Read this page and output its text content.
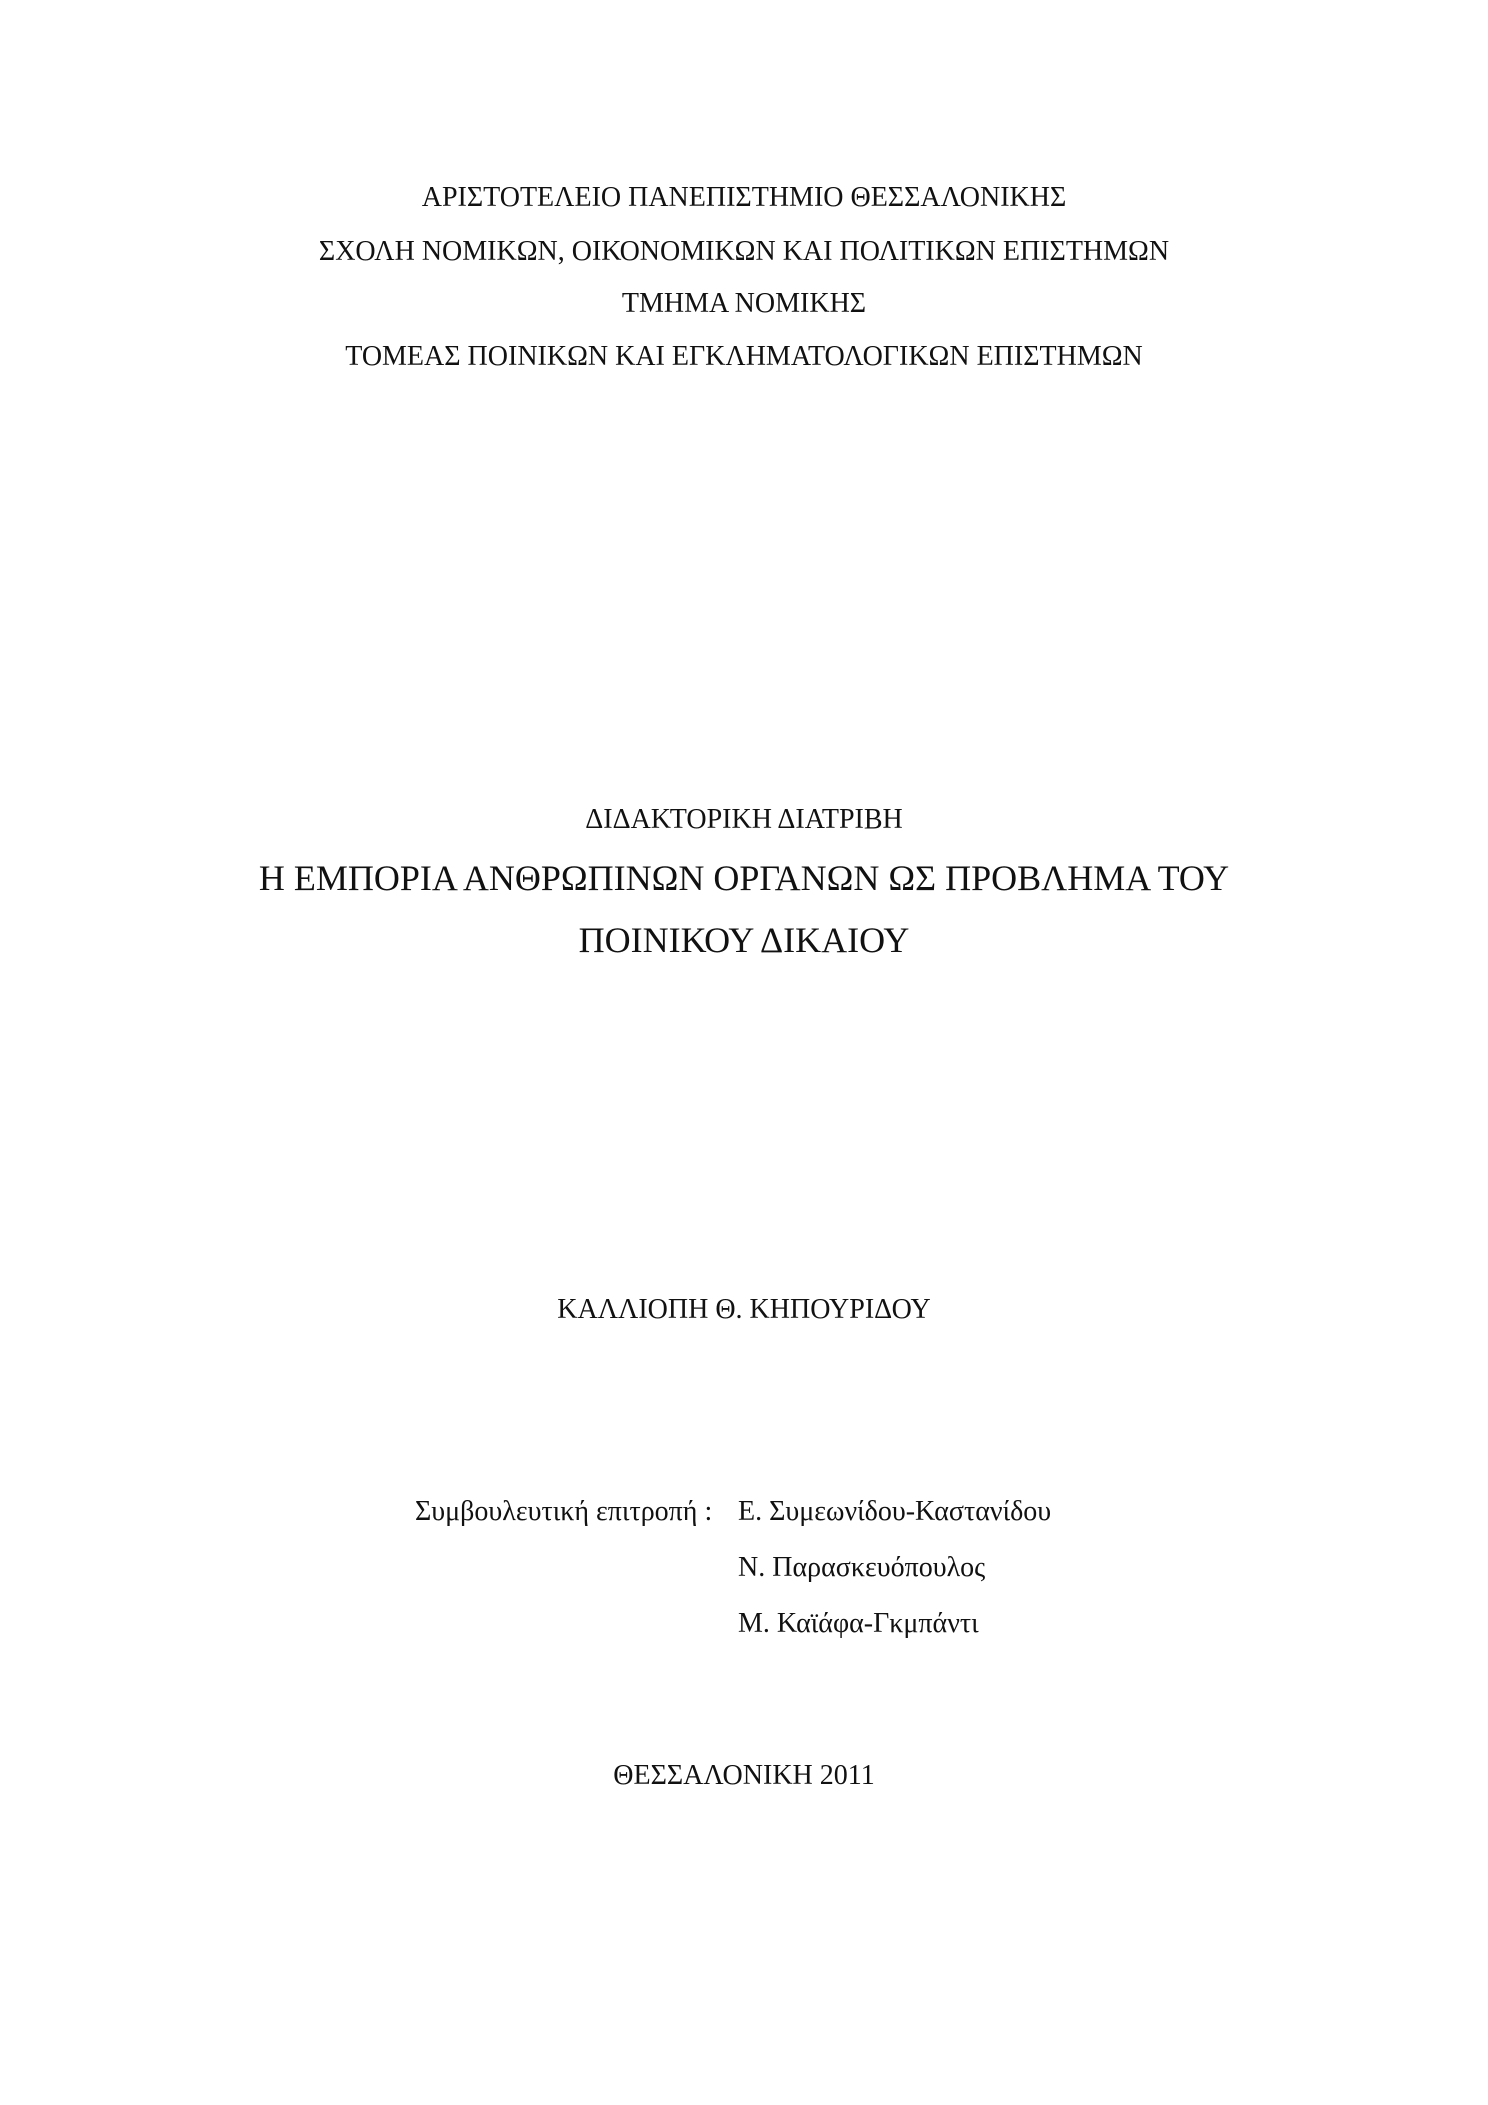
ΑΡΙΣΤΟΤΕΛΕΙΟ ΠΑΝΕΠΙΣΤΗΜΙΟ ΘΕΣΣΑΛΟΝΙΚΗΣ
ΣΧΟΛΗ ΝΟΜΙΚΩΝ, ΟΙΚΟΝΟΜΙΚΩΝ ΚΑΙ ΠΟΛΙΤΙΚΩΝ ΕΠΙΣΤΗΜΩΝ
ΤΜΗΜΑ ΝΟΜΙΚΗΣ
ΤΟΜΕΑΣ ΠΟΙΝΙΚΩΝ ΚΑΙ ΕΓΚΛΗΜΑΤΟΛΟΓΙΚΩΝ ΕΠΙΣΤΗΜΩΝ
ΔΙΔΑΚΤΟΡΙΚΗ ΔΙΑΤΡΙΒΗ
Η ΕΜΠΟΡΙΑ ΑΝΘΡΩΠΙΝΩΝ ΟΡΓΑΝΩΝ ΩΣ ΠΡΟΒΛΗΜΑ ΤΟΥ
ΠΟΙΝΙΚΟΥ ΔΙΚΑΙΟΥ
ΚΑΛΛΙΟΠΗ Θ. ΚΗΠΟΥΡΙΔΟΥ
Συμβουλευτική επιτροπή : Ε. Συμεωνίδου-Καστανίδου
Ν. Παρασκευόπουλος
Μ. Καϊάφα-Γκμπάντι
ΘΕΣΣΑΛΟΝΙΚΗ 2011
